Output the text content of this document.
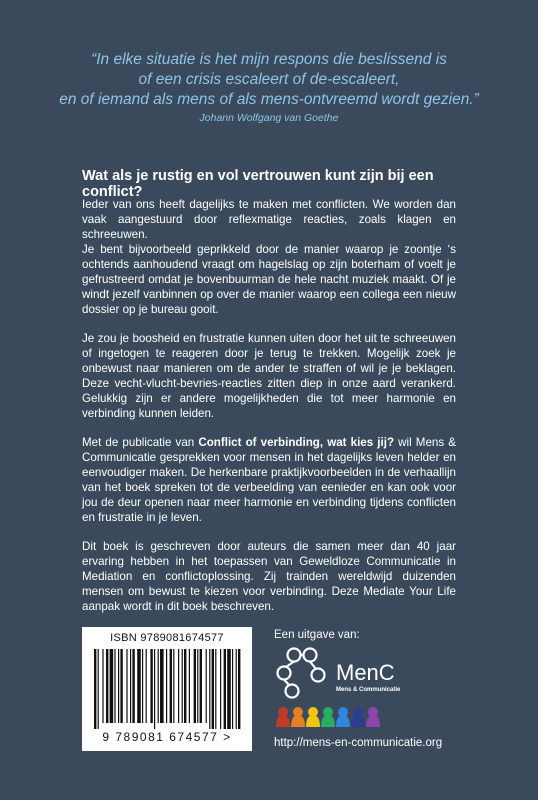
“In elke situatie is het mijn respons die beslissend is
of een crisis escaleert of de-escaleert,
en of iemand als mens of als mens-ontvreemd wordt gezien.”
Johann Wolfgang van Goethe
Wat als je rustig en vol vertrouwen kunt zijn bij een conflict?

Ieder van ons heeft dagelijks te maken met conflicten. We worden dan vaak aangestuurd door reflexmatige reacties, zoals klagen en schreeuwen.
Je bent bijvoorbeeld geprikkeld door de manier waarop je zoontje ‘s ochtends aanhoudend vraagt om hagelslag op zijn boterham of voelt je gefrustreerd omdat je bovenbuurman de hele nacht muziek maakt. Of je windt jezelf vanbinnen op over de manier waarop een collega een nieuw dossier op je bureau gooit.

Je zou je boosheid en frustratie kunnen uiten door het uit te schreeuwen of ingetogen te reageren door je terug te trekken. Mogelijk zoek je onbewust naar manieren om de ander te straffen of wil je je beklagen. Deze vecht-vlucht-bevries-reacties zitten diep in onze aard verankerd. Gelukkig zijn er andere mogelijkheden die tot meer harmonie en verbinding kunnen leiden.

Met de publicatie van Conflict of verbinding, wat kies jij? wil Mens & Communicatie gesprekken voor mensen in het dagelijks leven helder en eenvoudiger maken. De herkenbare praktijkvoorbeelden in de verhaallijn van het boek spreken tot de verbeelding van eenieder en kan ook voor jou de deur openen naar meer harmonie en verbinding tijdens conflicten en frustratie in je leven.

Dit boek is geschreven door auteurs die samen meer dan 40 jaar ervaring hebben in het toepassen van Geweldloze Communicatie in Mediation en conflictoplossing. Zij trainden wereldwijd duizenden mensen om bewust te kiezen voor verbinding. Deze Mediate Your Life aanpak wordt in dit boek beschreven.

ISBN 9789081674577
9 789081 674577 >
Een uitgave van:
MenC
Mens & Communicatie
http://mens-en-communicatie.org
